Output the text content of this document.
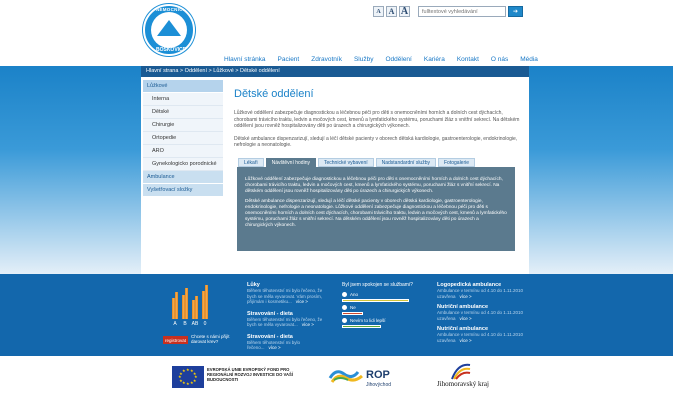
NEMOCNICE
BOSKOVICE
A A A
fulltextové vyhledávání	➔
Hlavní stránka	Pacient	Zdravotník	Služby	Oddělení	Kariéra	Kontakt	O nás	Média
Hlavní strana > Oddělení > Lůžkové > Dětské oddělení
Lůžkové
Interna
Dětské
Chirurgie
Ortopedie
ARO
Gynekologicko porodnické
Ambulance
Vyšetřovací složky
Dětské oddělení

Lůžkové oddělení zabezpečuje diagnostickou a léčebnou péči pro děti s onemocněními horních a dolních cest dýchacích, chorobami trávicího traktu, ledvin a močových cest, kmenů a lymfatického systému, poruchami žláz s vnitřní sekrecí. Na dětském oddělení jsou rovněž hospitalizovány děti po úrazech a chirurgických výkonech.

Dětské ambulance dispenzarizují, sledují a léčí dětské pacienty v oborech dětská kardiologie, gastroenterologie, endokrinologie, nefrologie a neonatologie.

Lékaři	Návštěvní hodiny	Technické vybavení	Nadstandardní služby	Fotogalerie

Lůžkové oddělení zabezpečuje diagnostickou a léčebnou péči pro děti s onemocněními horních a dolních cest dýchacích, chorobami trávicího traktu, ledvin a močových cest, kmenů a lymfatického systému, poruchami žláz s vnitřní sekrecí. Na dětském oddělení jsou rovněž hospitalizovány děti po úrazech a chirurgických výkonech.

Dětské ambulance dispenzarizují, sledují a léčí dětské pacienty v oborech dětská kardiologie, gastroenterologie, endokrinologie, nefrologie a neonatologie. Lůžkové oddělení zabezpečuje diagnostickou a léčebnou péči pro děti s onemocněními horních a dolních cest dýchacích, chorobami trávicího traktu, ledvin a močových cest, kmenů a lymfatického systému, poruchami žláz s vnitřní sekrecí. Na dětském oddělení jsou rovněž hospitalizovány děti po úrazech a chirurgických výkonech.

Stav krve
A	B AB	0
registrovat
Chcete s námi přijít darovat krev?
Online poradna
Lůky
Během těhotenství mi bylo řečeno, že bych se měla vyvarovat. Vám prosím, přijímám i kosmetiku... více >
Stravování - dieta
Během těhotenství mi bylo řečeno, že bych se měla vyvarovat... více >
Stravování - dieta
Během těhotenství mi bylo řečeno... více >
Anketa
Byl jsem spokojen se službami?
Ano
Ne
Nevím to lidi lepší
Aktuality
Logopedická ambulance
Ambulance v termínu od 4.10 do 1.11.2010 uzavřena více >
Nutriční ambulance
Ambulance v termínu od 4.10 do 1.11.2010 uzavřena více >
Nutriční ambulance
Ambulance v termínu od 4.10 do 1.11.2010 uzavřena více >
★
★
★
★
★
★
★
★
★ ★ ★
★
EVROPSKÁ UNIE EVROPSKÝ FOND PRO REGIONÁLNÍ ROZVOJ INVESTICE DO VAŠÍ BUDOUCNOSTI	ROP
Jihovýchod	Jihomoravský kraj
